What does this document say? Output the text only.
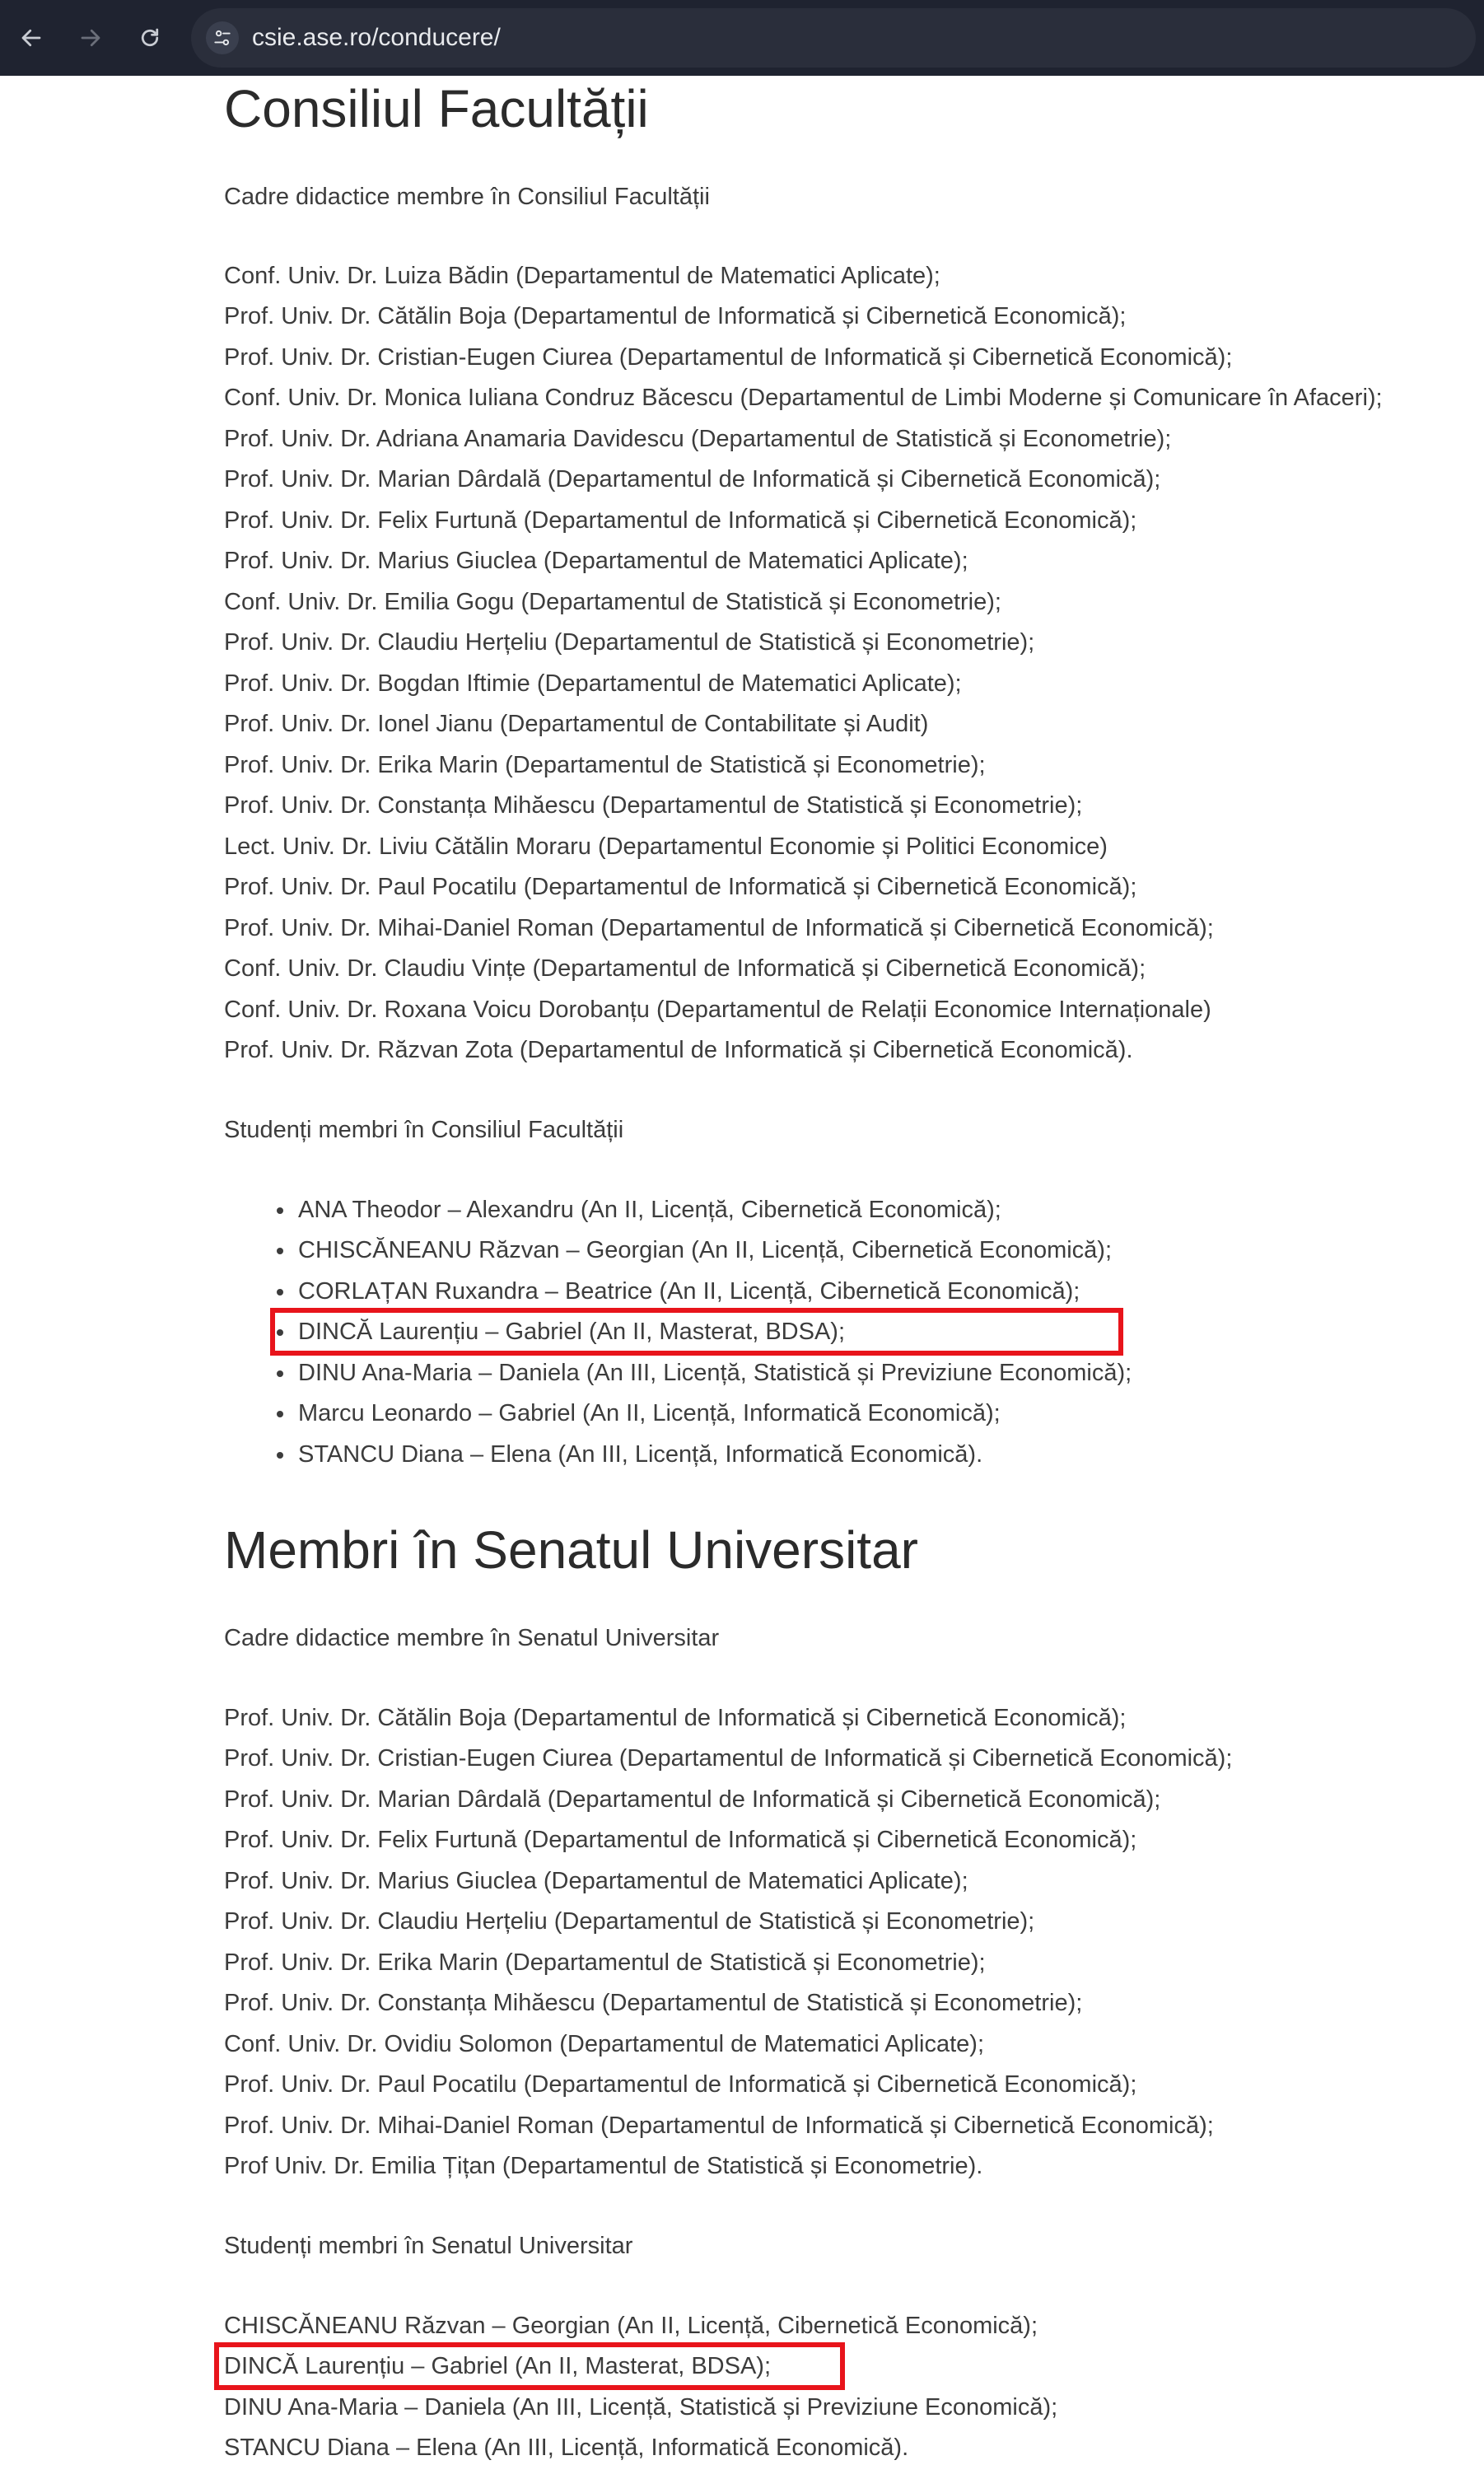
csie.ase.ro/conducere/
Consiliul Facultății
Cadre didactice membre în Consiliul Facultății
Conf. Univ. Dr. Luiza Bădin (Departamentul de Matematici Aplicate);
Prof. Univ. Dr. Cătălin Boja (Departamentul de Informatică și Cibernetică Economică);
Prof. Univ. Dr. Cristian-Eugen Ciurea (Departamentul de Informatică și Cibernetică Economică);
Conf. Univ. Dr. Monica Iuliana Condruz Băcescu (Departamentul de Limbi Moderne și Comunicare în Afaceri);
Prof. Univ. Dr. Adriana Anamaria Davidescu (Departamentul de Statistică și Econometrie);
Prof. Univ. Dr. Marian Dârdală (Departamentul de Informatică și Cibernetică Economică);
Prof. Univ. Dr. Felix Furtună (Departamentul de Informatică și Cibernetică Economică);
Prof. Univ. Dr. Marius Giuclea (Departamentul de Matematici Aplicate);
Conf. Univ. Dr. Emilia Gogu (Departamentul de Statistică și Econometrie);
Prof. Univ. Dr. Claudiu Herțeliu (Departamentul de Statistică și Econometrie);
Prof. Univ. Dr. Bogdan Iftimie (Departamentul de Matematici Aplicate);
Prof. Univ. Dr. Ionel Jianu (Departamentul de Contabilitate și Audit)
Prof. Univ. Dr. Erika Marin (Departamentul de Statistică și Econometrie);
Prof. Univ. Dr. Constanța Mihăescu (Departamentul de Statistică și Econometrie);
Lect. Univ. Dr. Liviu Cătălin Moraru (Departamentul Economie și Politici Economice)
Prof. Univ. Dr. Paul Pocatilu (Departamentul de Informatică și Cibernetică Economică);
Prof. Univ. Dr. Mihai-Daniel Roman (Departamentul de Informatică și Cibernetică Economică);
Conf. Univ. Dr. Claudiu Vințe (Departamentul de Informatică și Cibernetică Economică);
Conf. Univ. Dr. Roxana Voicu Dorobanțu (Departamentul de Relații Economice Internaționale)
Prof. Univ. Dr. Răzvan Zota (Departamentul de Informatică și Cibernetică Economică).
Studenți membri în Consiliul Facultății
ANA Theodor – Alexandru (An II, Licență, Cibernetică Economică);
CHISCĂNEANU Răzvan – Georgian (An II, Licență, Cibernetică Economică);
CORLAȚAN Ruxandra – Beatrice (An II, Licență, Cibernetică Economică);
DINCĂ Laurențiu – Gabriel (An II, Masterat, BDSA);
DINU Ana-Maria – Daniela (An III, Licență, Statistică și Previziune Economică);
Marcu Leonardo – Gabriel (An II, Licență, Informatică Economică);
STANCU Diana – Elena (An III, Licență, Informatică Economică).
Membri în Senatul Universitar
Cadre didactice membre în Senatul Universitar
Prof. Univ. Dr. Cătălin Boja (Departamentul de Informatică și Cibernetică Economică);
Prof. Univ. Dr. Cristian-Eugen Ciurea (Departamentul de Informatică și Cibernetică Economică);
Prof. Univ. Dr. Marian Dârdală (Departamentul de Informatică și Cibernetică Economică);
Prof. Univ. Dr. Felix Furtună (Departamentul de Informatică și Cibernetică Economică);
Prof. Univ. Dr. Marius Giuclea (Departamentul de Matematici Aplicate);
Prof. Univ. Dr. Claudiu Herțeliu (Departamentul de Statistică și Econometrie);
Prof. Univ. Dr. Erika Marin (Departamentul de Statistică și Econometrie);
Prof. Univ. Dr. Constanța Mihăescu (Departamentul de Statistică și Econometrie);
Conf. Univ. Dr. Ovidiu Solomon (Departamentul de Matematici Aplicate);
Prof. Univ. Dr. Paul Pocatilu (Departamentul de Informatică și Cibernetică Economică);
Prof. Univ. Dr. Mihai-Daniel Roman (Departamentul de Informatică și Cibernetică Economică);
Prof Univ. Dr. Emilia Țițan (Departamentul de Statistică și Econometrie).
Studenți membri în Senatul Universitar
CHISCĂNEANU Răzvan – Georgian (An II, Licență, Cibernetică Economică);
DINCĂ Laurențiu – Gabriel (An II, Masterat, BDSA);
DINU Ana-Maria – Daniela (An III, Licență, Statistică și Previziune Economică);
STANCU Diana – Elena (An III, Licență, Informatică Economică).
